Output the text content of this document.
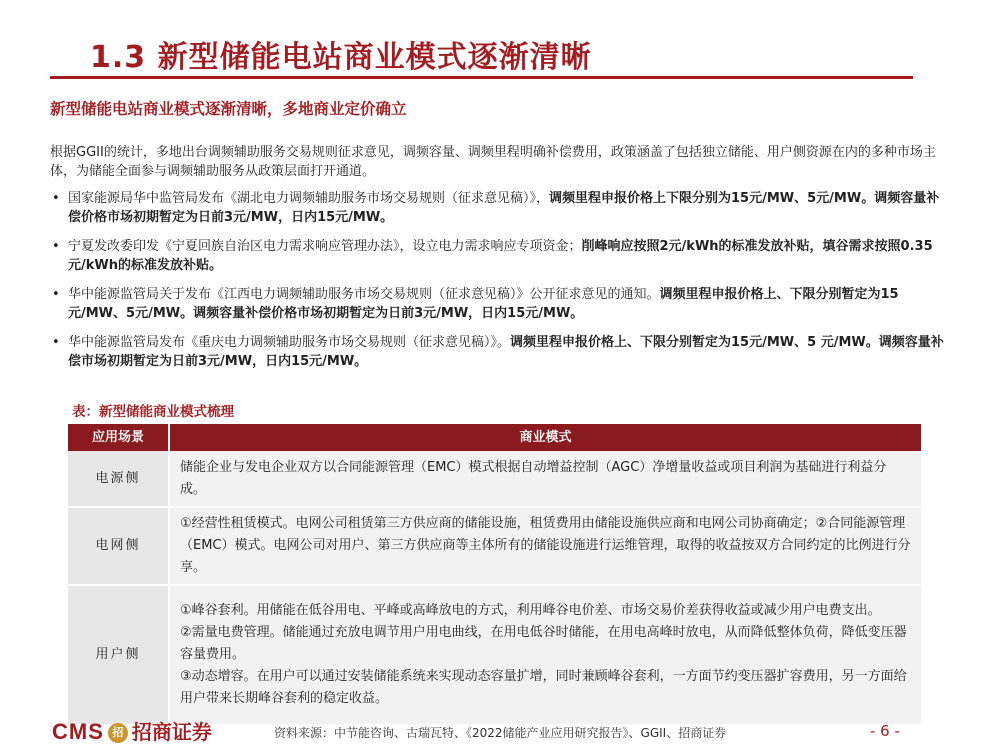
1.3 新型储能电站商业模式逐渐清晰
新型储能电站商业模式逐渐清晰，多地商业定价确立
根据GGII的统计，多地出台调频辅助服务交易规则征求意见，调频容量、调频里程明确补偿费用，政策涵盖了包括独立储能、用户侧资源在内的多种市场主体，为储能全面参与调频辅助服务从政策层面打开通道。
• 国家能源局华中监管局发布《湖北电力调频辅助服务市场交易规则（征求意见稿）》，调频里程申报价格上下限分别为15元/MW、5元/MW。调频容量补偿价格市场初期暂定为日前3元/MW，日内15元/MW。
• 宁夏发改委印发《宁夏回族自治区电力需求响应管理办法》，设立电力需求响应专项资金；削峰响应按照2元/kWh的标准发放补贴，填谷需求按照0.35元/kWh的标准发放补贴。
• 华中能源监管局关于发布《江西电力调频辅助服务市场交易规则（征求意见稿）》公开征求意见的通知。调频里程申报价格上、下限分别暂定为15元/MW、5元/MW。调频容量补偿价格市场初期暂定为日前3元/MW，日内15元/MW。
• 华中能源监管局发布《重庆电力调频辅助服务市场交易规则（征求意见稿）》。调频里程申报价格上、下限分别暂定为15元/MW、5 元/MW。调频容量补偿市场初期暂定为日前3元/MW，日内15元/MW。
表：新型储能商业模式梳理
应用场景	商业模式
电源侧	储能企业与发电企业双方以合同能源管理（EMC）模式根据自动增益控制（AGC）净增量收益或项目利润为基础进行利益分成。

电网侧	①经营性租赁模式。电网公司租赁第三方供应商的储能设施，租赁费用由储能设施供应商和电网公司协商确定；②合同能源管理（EMC）模式。电网公司对用户、第三方供应商等主体所有的储能设施进行运维管理，取得的收益按双方合同约定的比例进行分享。

用户侧	①峰谷套利。用储能在低谷用电、平峰或高峰放电的方式，利用峰谷电价差、市场交易价差获得收益或减少用户电费支出。

②需量电费管理。储能通过充放电调节用户用电曲线，在用电低谷时储能，在用电高峰时放电，从而降低整体负荷，降低变压器容量费用。

③动态增容。在用户可以通过安装储能系统来实现动态容量扩增，同时兼顾峰谷套利，一方面节约变压器扩容费用，另一方面给用户带来长期峰谷套利的稳定收益。

CMS 招 招商证券	资料来源：中节能咨询、古瑞瓦特、《2022储能产业应用研究报告》、GGII、招商证券	- 6 -
